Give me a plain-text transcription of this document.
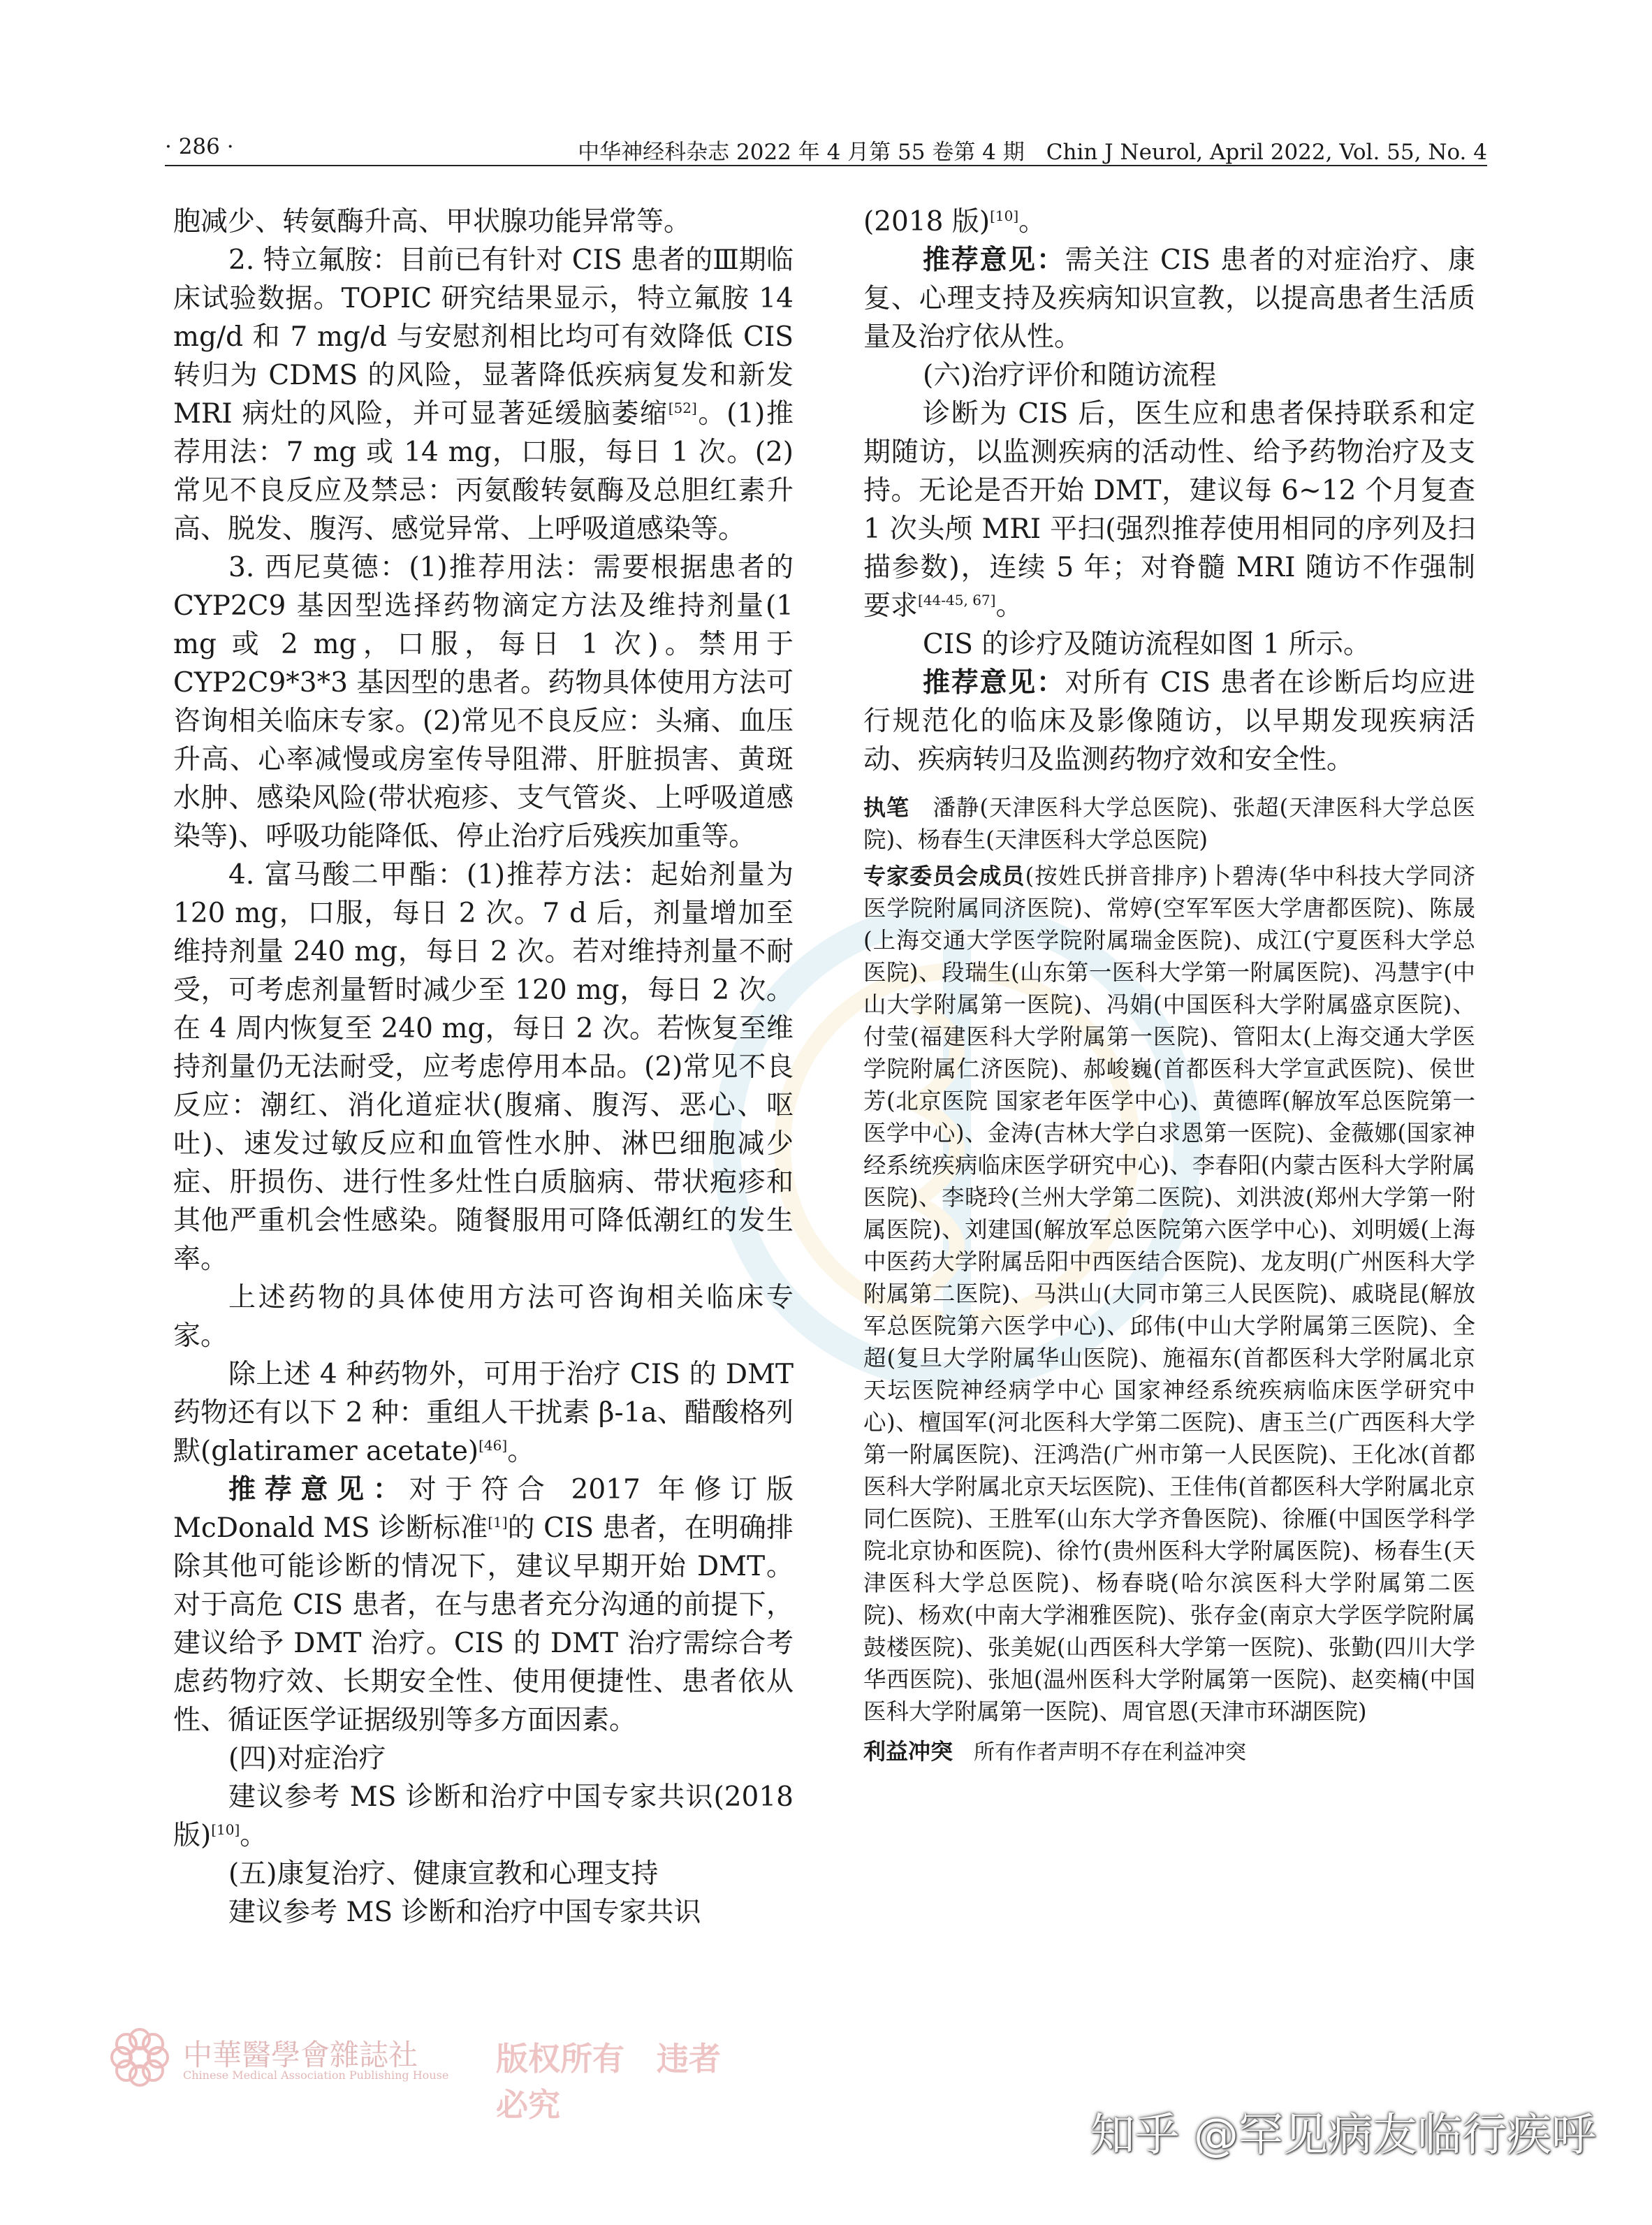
· 286 ·	中华神经科杂志 2022 年 4 月第 55 卷第 4 期　Chin J Neurol, April 2022, Vol. 55, No. 4

胞减少、转氨酶升高、甲状腺功能异常等。

2. 特立氟胺：目前已有针对 CIS 患者的Ⅲ期临床试验数据。TOPIC 研究结果显示，特立氟胺 14 mg/d 和 7 mg/d 与安慰剂相比均可有效降低 CIS 转归为 CDMS 的风险，显著降低疾病复发和新发 MRI 病灶的风险，并可显著延缓脑萎缩[52]。(1)推荐用法：7 mg 或 14 mg，口服，每日 1 次。(2)常见不良反应及禁忌：丙氨酸转氨酶及总胆红素升高、脱发、腹泻、感觉异常、上呼吸道感染等。

3. 西尼莫德：(1)推荐用法：需要根据患者的 CYP2C9 基因型选择药物滴定方法及维持剂量(1 mg 或 2 mg，口服，每日 1 次)。禁用于 CYP2C9*3*3 基因型的患者。药物具体使用方法可咨询相关临床专家。(2)常见不良反应：头痛、血压升高、心率减慢或房室传导阻滞、肝脏损害、黄斑水肿、感染风险(带状疱疹、支气管炎、上呼吸道感染等)、呼吸功能降低、停止治疗后残疾加重等。

4. 富马酸二甲酯：(1)推荐方法：起始剂量为 120 mg，口服，每日 2 次。7 d 后，剂量增加至维持剂量 240 mg，每日 2 次。若对维持剂量不耐受，可考虑剂量暂时减少至 120 mg，每日 2 次。在 4 周内恢复至 240 mg，每日 2 次。若恢复至维持剂量仍无法耐受，应考虑停用本品。(2)常见不良反应：潮红、消化道症状(腹痛、腹泻、恶心、呕吐)、速发过敏反应和血管性水肿、淋巴细胞减少症、肝损伤、进行性多灶性白质脑病、带状疱疹和其他严重机会性感染。随餐服用可降低潮红的发生率。

上述药物的具体使用方法可咨询相关临床专家。

除上述 4 种药物外，可用于治疗 CIS 的 DMT 药物还有以下 2 种：重组人干扰素 β-1a、醋酸格列默(glatiramer acetate)[46]。

推荐意见：对于符合 2017 年修订版 McDonald MS 诊断标准[1]的 CIS 患者，在明确排除其他可能诊断的情况下，建议早期开始 DMT。对于高危 CIS 患者，在与患者充分沟通的前提下，建议给予 DMT 治疗。CIS 的 DMT 治疗需综合考虑药物疗效、长期安全性、使用便捷性、患者依从性、循证医学证据级别等多方面因素。

(四)对症治疗

建议参考 MS 诊断和治疗中国专家共识(2018 版)[10]。

(五)康复治疗、健康宣教和心理支持

建议参考 MS 诊断和治疗中国专家共识

(2018 版)[10]。

推荐意见：需关注 CIS 患者的对症治疗、康复、心理支持及疾病知识宣教，以提高患者生活质量及治疗依从性。

(六)治疗评价和随访流程

诊断为 CIS 后，医生应和患者保持联系和定期随访，以监测疾病的活动性、给予药物治疗及支持。无论是否开始 DMT，建议每 6~12 个月复查 1 次头颅 MRI 平扫(强烈推荐使用相同的序列及扫描参数)，连续 5 年；对脊髓 MRI 随访不作强制要求[44-45, 67]。

CIS 的诊疗及随访流程如图 1 所示。

推荐意见：对所有 CIS 患者在诊断后均应进行规范化的临床及影像随访，以早期发现疾病活动、疾病转归及监测药物疗效和安全性。

执笔　 潘静(天津医科大学总医院)、张超(天津医科大学总医院)、杨春生(天津医科大学总医院)

专家委员会成员(按姓氏拼音排序)卜碧涛(华中科技大学同济医学院附属同济医院)、常婷(空军军医大学唐都医院)、陈晟(上海交通大学医学院附属瑞金医院)、成江(宁夏医科大学总医院)、段瑞生(山东第一医科大学第一附属医院)、冯慧宇(中山大学附属第一医院)、冯娟(中国医科大学附属盛京医院)、付莹(福建医科大学附属第一医院)、管阳太(上海交通大学医学院附属仁济医院)、郝峻巍(首都医科大学宣武医院)、侯世芳(北京医院 国家老年医学中心)、黄德晖(解放军总医院第一医学中心)、金涛(吉林大学白求恩第一医院)、金薇娜(国家神经系统疾病临床医学研究中心)、李春阳(内蒙古医科大学附属医院)、李晓玲(兰州大学第二医院)、刘洪波(郑州大学第一附属医院)、刘建国(解放军总医院第六医学中心)、刘明媛(上海中医药大学附属岳阳中西医结合医院)、龙友明(广州医科大学附属第二医院)、马洪山(大同市第三人民医院)、戚晓昆(解放军总医院第六医学中心)、邱伟(中山大学附属第三医院)、全超(复旦大学附属华山医院)、施福东(首都医科大学附属北京天坛医院神经病学中心 国家神经系统疾病临床医学研究中心)、檀国军(河北医科大学第二医院)、唐玉兰(广西医科大学第一附属医院)、汪鸿浩(广州市第一人民医院)、王化冰(首都医科大学附属北京天坛医院)、王佳伟(首都医科大学附属北京同仁医院)、王胜军(山东大学齐鲁医院)、徐雁(中国医学科学院北京协和医院)、徐竹(贵州医科大学附属医院)、杨春生(天津医科大学总医院)、杨春晓(哈尔滨医科大学附属第二医院)、杨欢(中南大学湘雅医院)、张存金(南京大学医学院附属鼓楼医院)、张美妮(山西医科大学第一医院)、张勤(四川大学华西医院)、张旭(温州医科大学附属第一医院)、赵奕楠(中国医科大学附属第一医院)、周官恩(天津市环湖医院)

利益冲突　 所有作者声明不存在利益冲突
中華醫學會雜誌社
Chinese Medical Association Publishing House 版权所有　违者必究
知乎 @罕见病友临行疾呼
